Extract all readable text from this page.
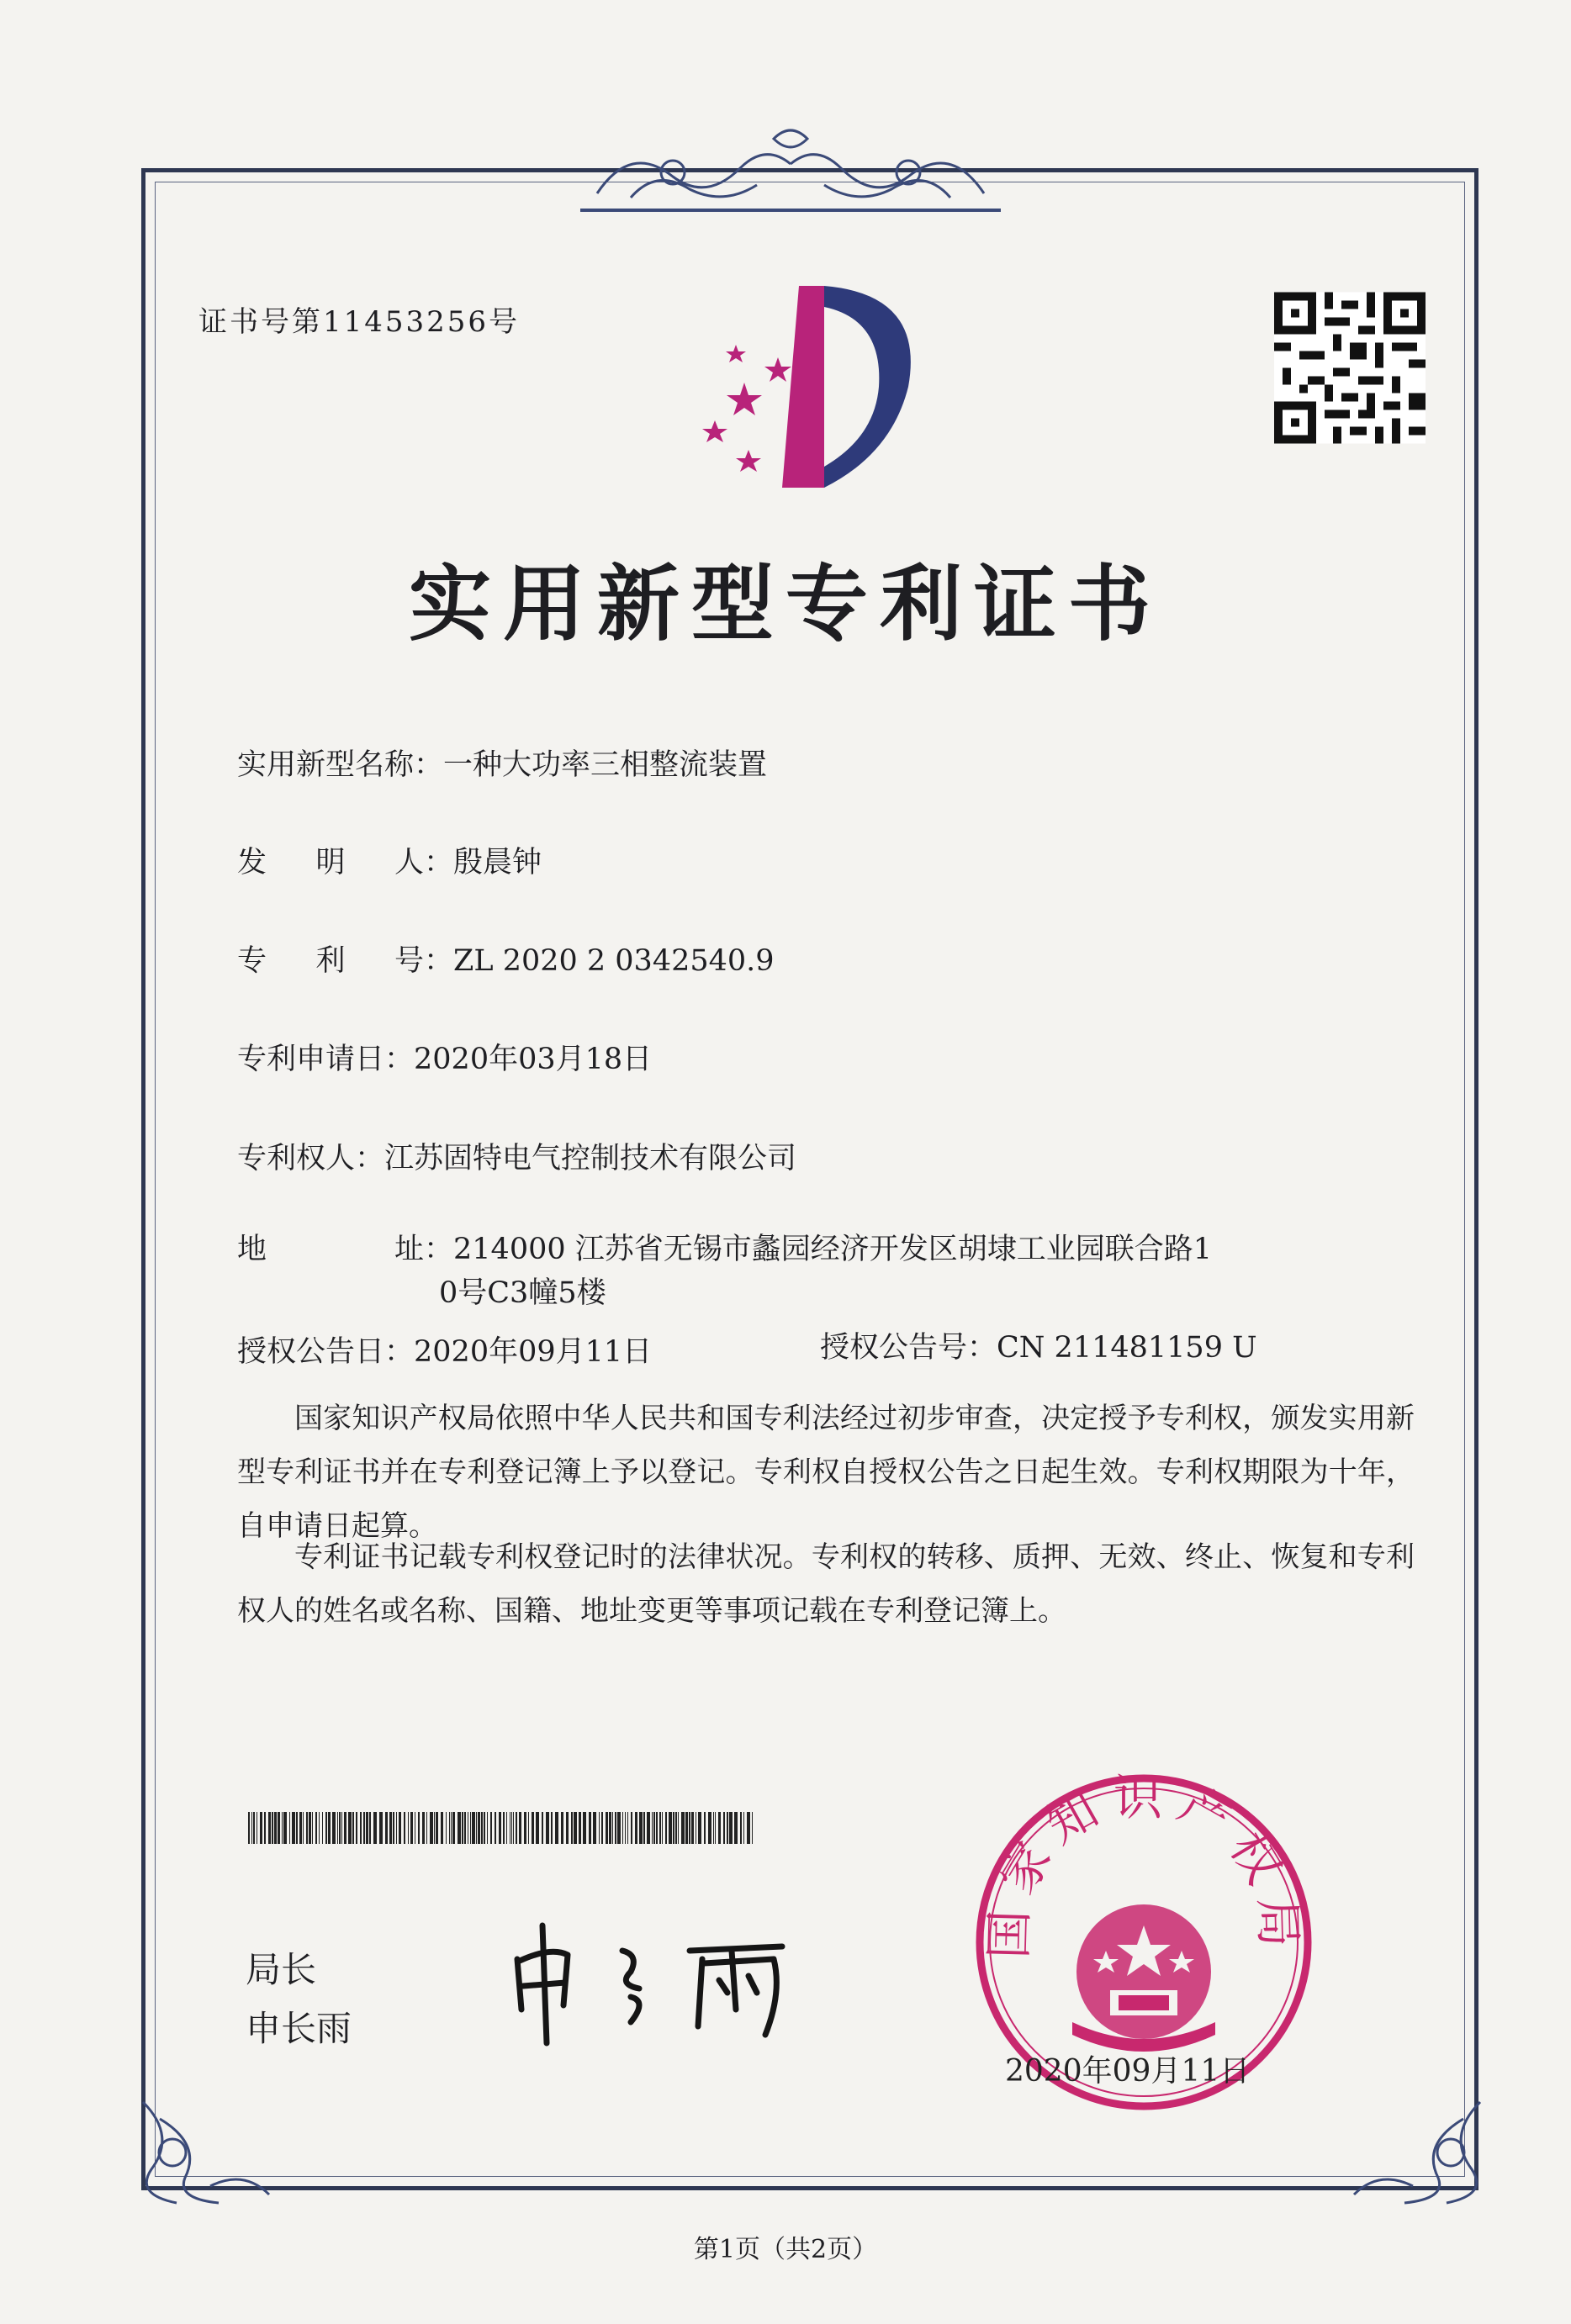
证书号第11453256号
实用新型专利证书
实用新型名称：一种大功率三相整流装置
发明人：殷晨钟
专利号：ZL 2020 2 0342540.9
专利申请日：2020年03月18日
专利权人：江苏固特电气控制技术有限公司
地址：214000 江苏省无锡市蠡园经济开发区胡埭工业园联合路1
0号C3幢5楼
授权公告日：2020年09月11日	授权公告号：CN 211481159 U
国家知识产权局依照中华人民共和国专利法经过初步审查，决定授予专利权，颁发实用新型专利证书并在专利登记簿上予以登记。专利权自授权公告之日起生效。专利权期限为十年，自申请日起算。
专利证书记载专利权登记时的法律状况。专利权的转移、质押、无效、终止、恢复和专利权人的姓名或名称、国籍、地址变更等事项记载在专利登记簿上。
局长
申长雨
国家知识产权局
2020年09月11日
第1页（共2页）
